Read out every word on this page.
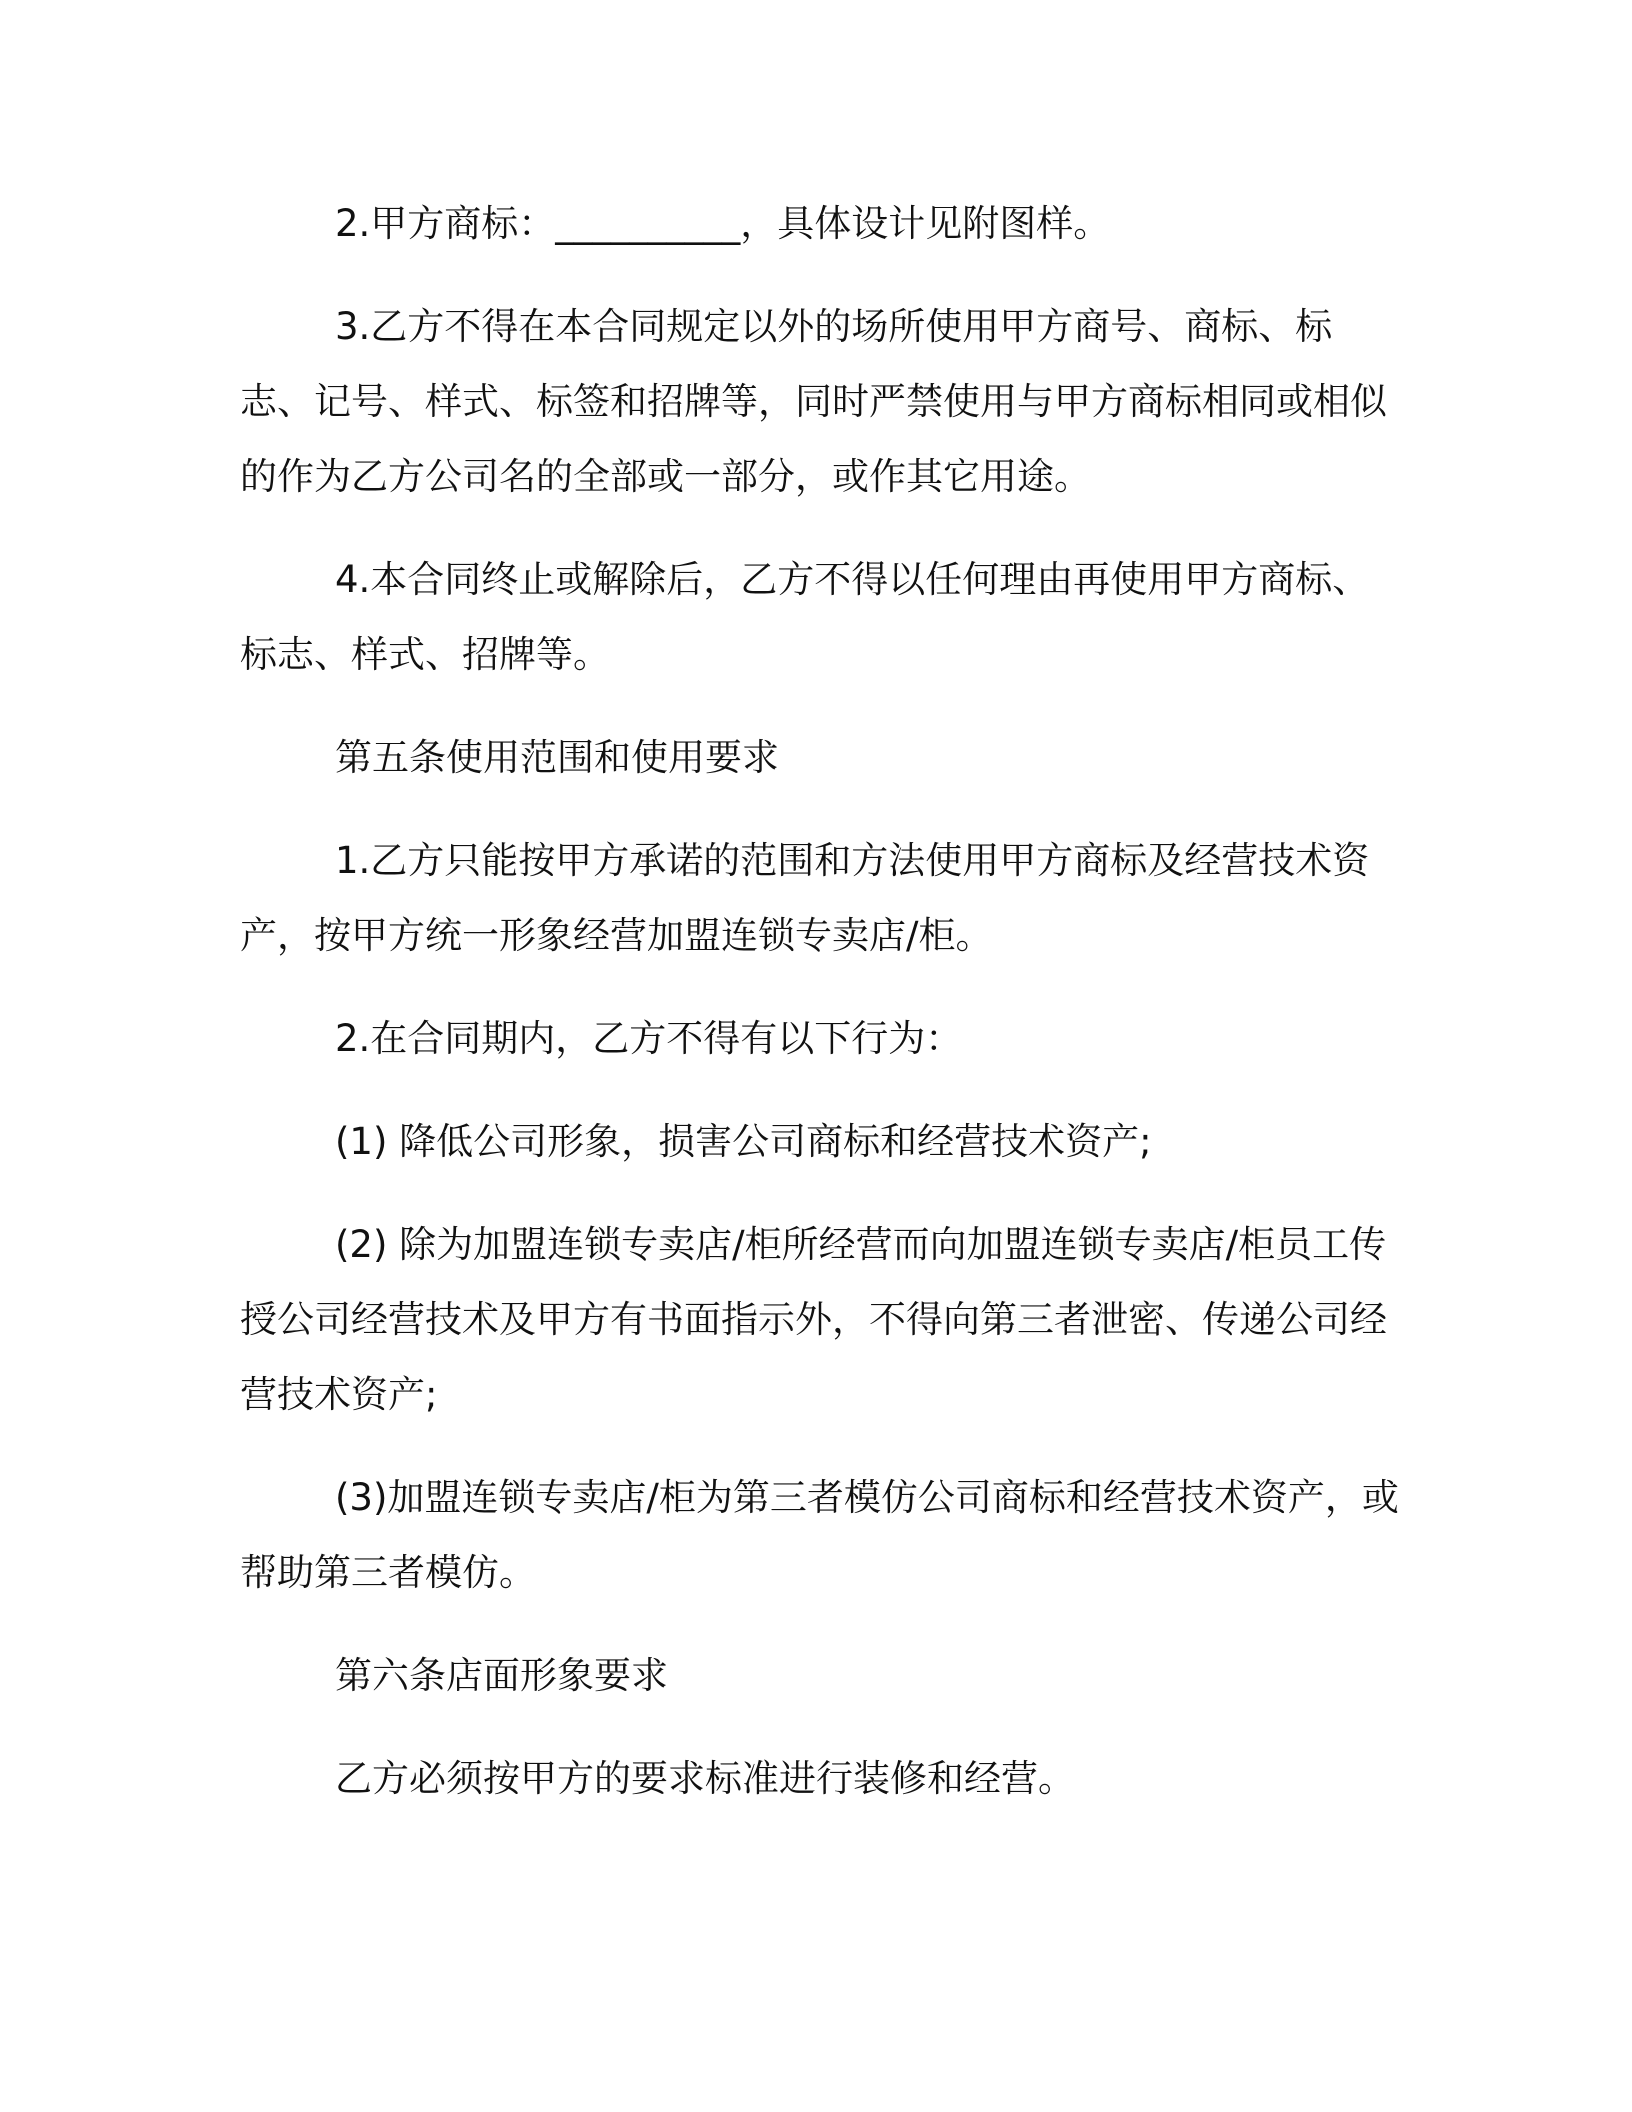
2.甲方商标：__________，具体设计见附图样。

3.乙方不得在本合同规定以外的场所使用甲方商号、商标、标志、记号、样式、标签和招牌等，同时严禁使用与甲方商标相同或相似的作为乙方公司名的全部或一部分，或作其它用途。

4.本合同终止或解除后，乙方不得以任何理由再使用甲方商标、标志、样式、招牌等。

第五条使用范围和使用要求

1.乙方只能按甲方承诺的范围和方法使用甲方商标及经营技术资产，按甲方统一形象经营加盟连锁专卖店/柜。

2.在合同期内，乙方不得有以下行为：

(1) 降低公司形象，损害公司商标和经营技术资产;

(2) 除为加盟连锁专卖店/柜所经营而向加盟连锁专卖店/柜员工传授公司经营技术及甲方有书面指示外，不得向第三者泄密、传递公司经营技术资产;

(3)加盟连锁专卖店/柜为第三者模仿公司商标和经营技术资产，或帮助第三者模仿。

第六条店面形象要求

乙方必须按甲方的要求标准进行装修和经营。
